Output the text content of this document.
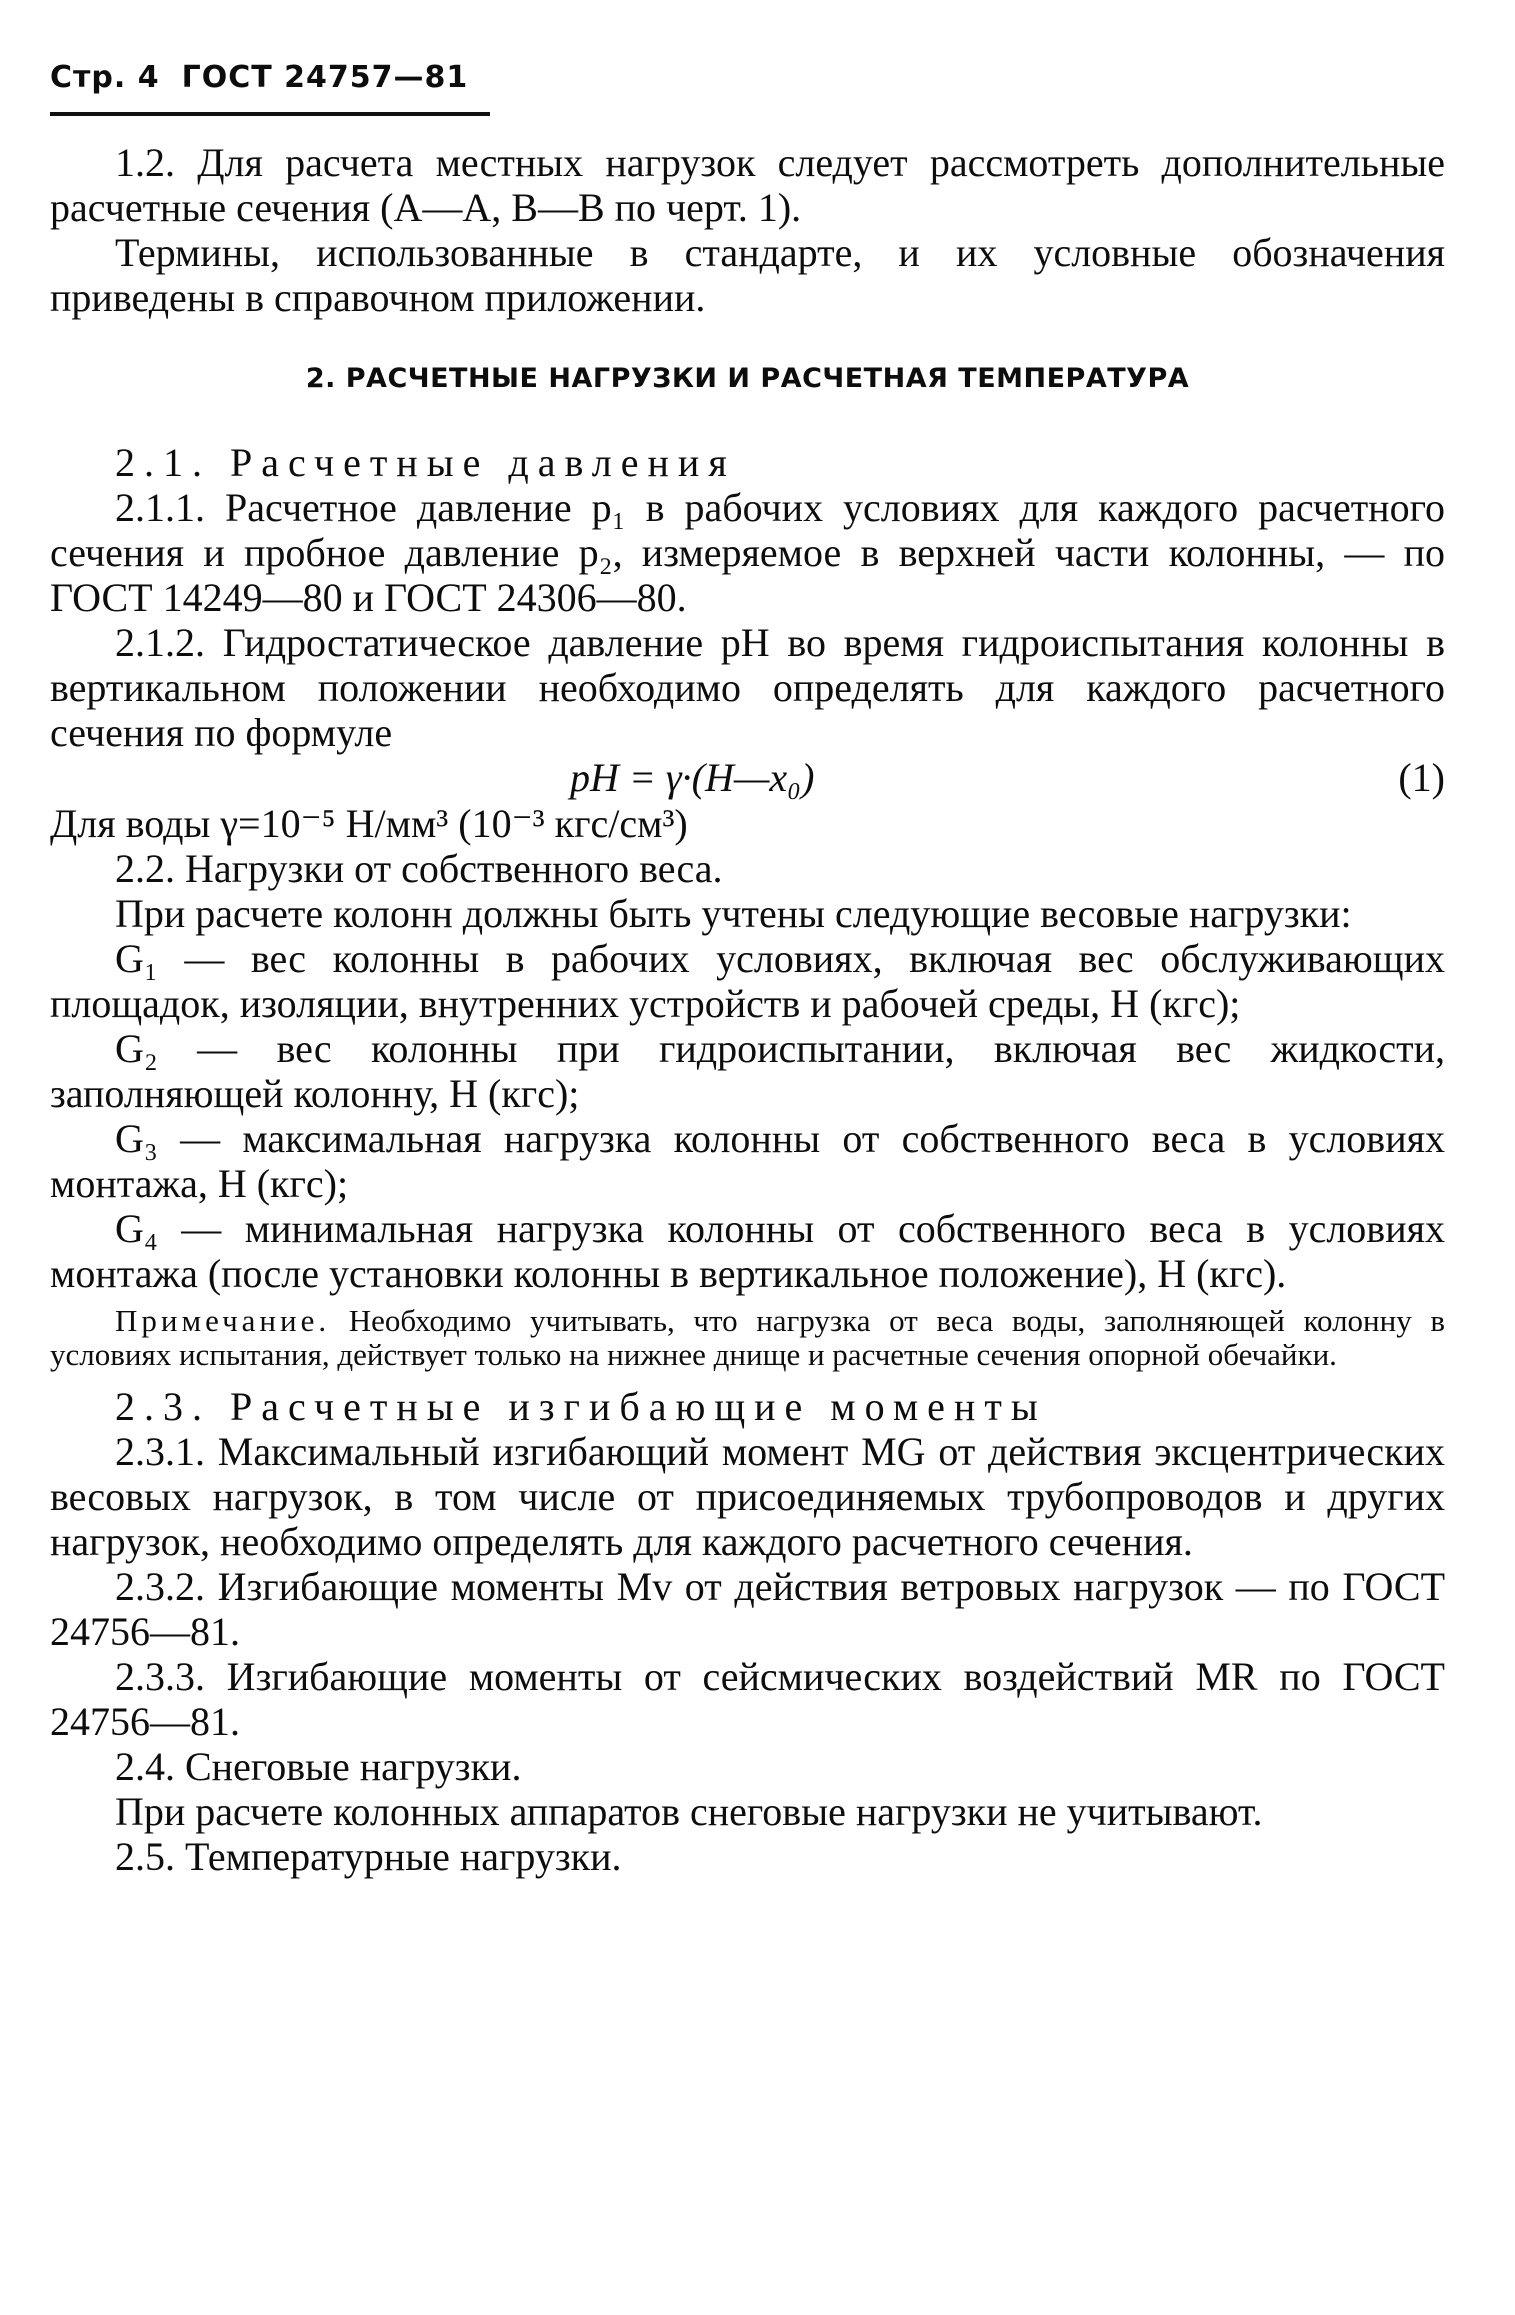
Стр. 4 ГОСТ 24757—81

1.2. Для расчета местных нагрузок следует рассмотреть дополнительные расчетные сечения (А—А, В—В по черт. 1).

Термины, использованные в стандарте, и их условные обозначения приведены в справочном приложении.

2. РАСЧЕТНЫЕ НАГРУЗКИ И РАСЧЕТНАЯ ТЕМПЕРАТУРА

2.1. Расчетные давления

2.1.1. Расчетное давление p₁ в рабочих условиях для каждого расчетного сечения и пробное давление p₂, измеряемое в верхней части колонны, — по ГОСТ 14249—80 и ГОСТ 24306—80.

2.1.2. Гидростатическое давление pH во время гидроиспытания колонны в вертикальном положении необходимо определять для каждого расчетного сечения по формуле

pH = γ·(H—x₀)	(1)

Для воды γ=10⁻⁵ Н/мм³ (10⁻³ кгс/см³)

2.2. Нагрузки от собственного веса.

При расчете колонн должны быть учтены следующие весовые нагрузки:

G₁ — вес колонны в рабочих условиях, включая вес обслуживающих площадок, изоляции, внутренних устройств и рабочей среды, Н (кгс);

G₂ — вес колонны при гидроиспытании, включая вес жидкости, заполняющей колонну, Н (кгс);

G₃ — максимальная нагрузка колонны от собственного веса в условиях монтажа, Н (кгс);

G₄ — минимальная нагрузка колонны от собственного веса в условиях монтажа (после установки колонны в вертикальное положение), Н (кгс).

Примечание. Необходимо учитывать, что нагрузка от веса воды, заполняющей колонну в условиях испытания, действует только на нижнее днище и расчетные сечения опорной обечайки.

2.3. Расчетные изгибающие моменты

2.3.1. Максимальный изгибающий момент MG от действия эксцентрических весовых нагрузок, в том числе от присоединяемых трубопроводов и других нагрузок, необходимо определять для каждого расчетного сечения.

2.3.2. Изгибающие моменты Mv от действия ветровых нагрузок — по ГОСТ 24756—81.

2.3.3. Изгибающие моменты от сейсмических воздействий MR по ГОСТ 24756—81.

2.4. Снеговые нагрузки.

При расчете колонных аппаратов снеговые нагрузки не учитывают.

2.5. Температурные нагрузки.
